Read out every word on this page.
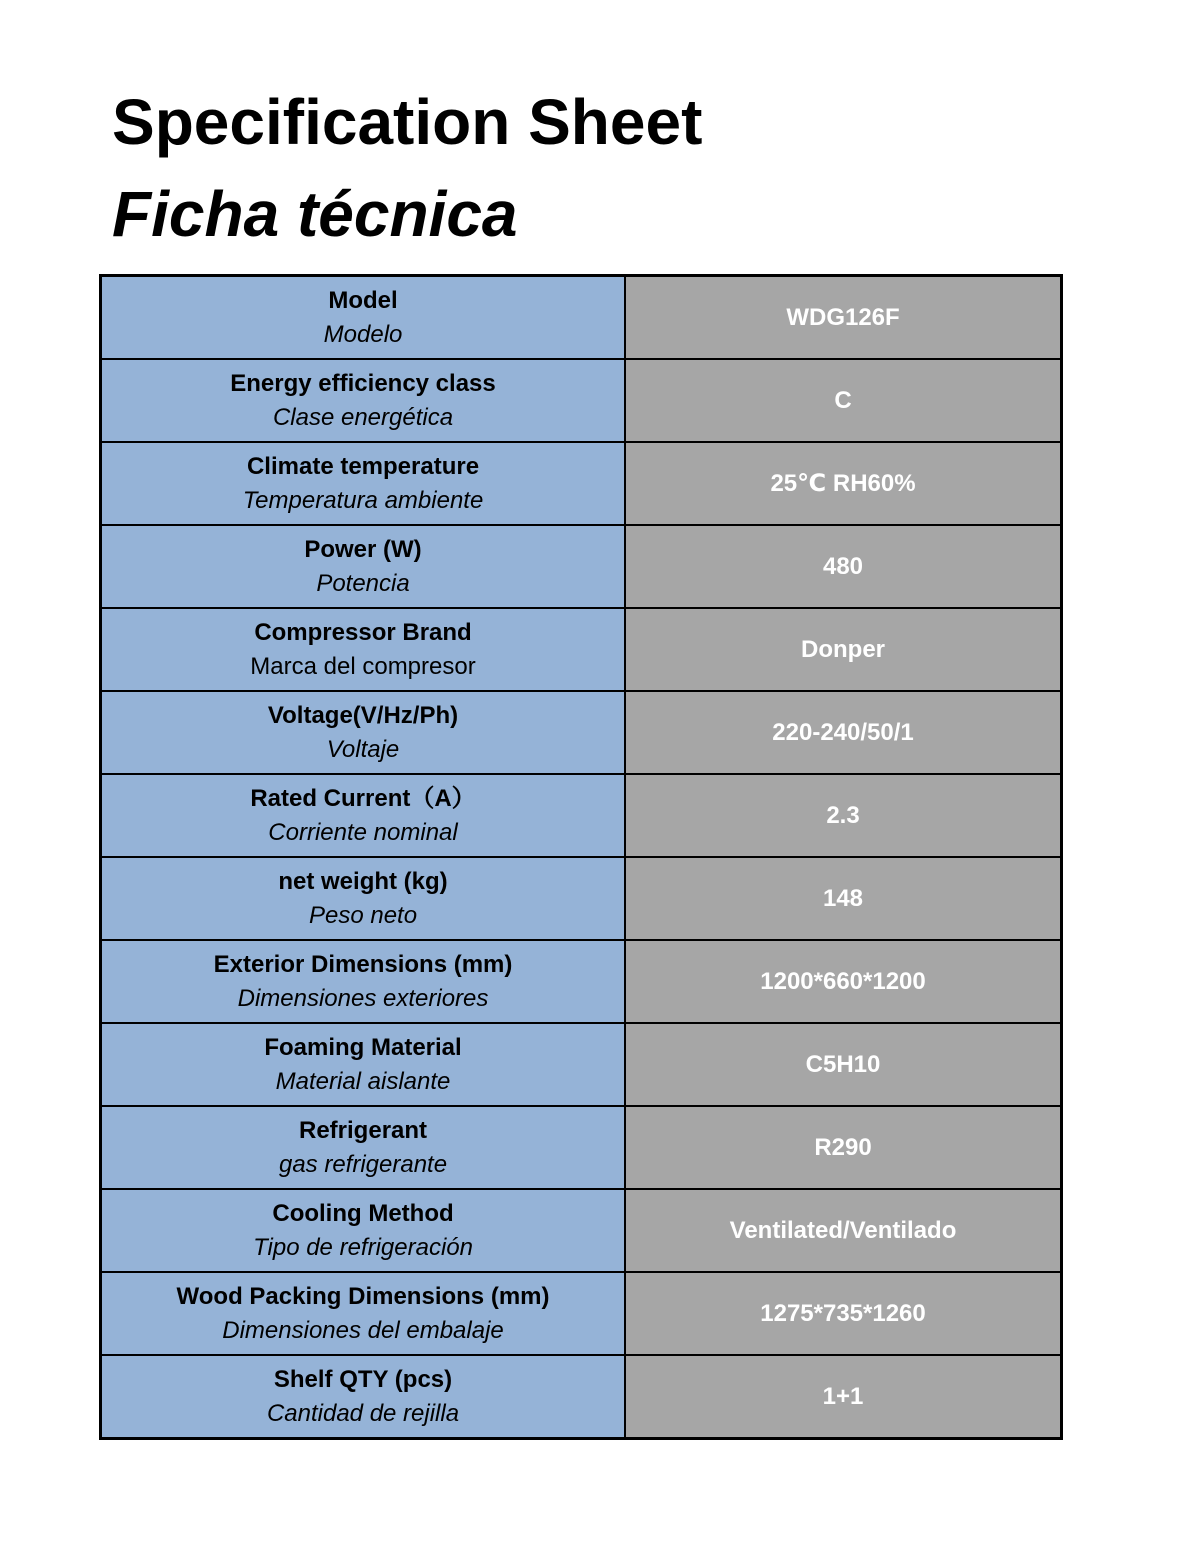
Specification Sheet
Ficha técnica
Model
Modelo	WDG126F

Energy efficiency class
Clase energética	C

Climate temperature
Temperatura ambiente	25℃ RH60%

Power (W)
Potencia	480

Compressor Brand
Marca del compresor	Donper

Voltage(V/Hz/Ph)
Voltaje	220-240/50/1

Rated Current（A）
Corriente nominal	2.3

net weight (kg)
Peso neto	148

Exterior Dimensions (mm)
Dimensiones exteriores	1200*660*1200

Foaming Material
Material aislante	C5H10

Refrigerant
gas refrigerante	R290

Cooling Method
Tipo de refrigeración	Ventilated/Ventilado

Wood Packing Dimensions (mm)
Dimensiones del embalaje	1275*735*1260

Shelf QTY (pcs)
Cantidad de rejilla	1+1
